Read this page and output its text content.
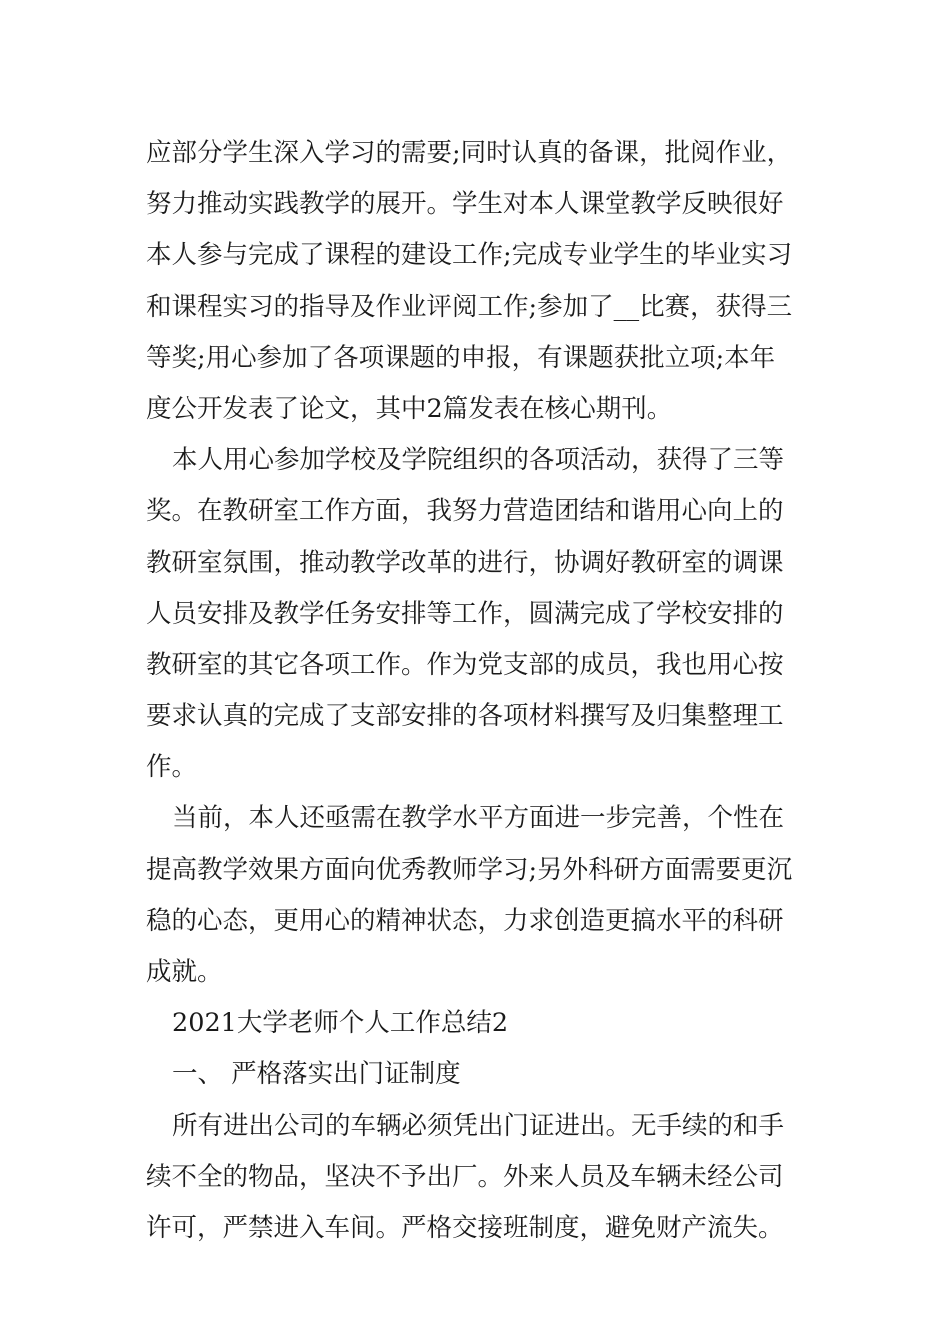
应部分学生深入学习的需要;同时认真的备课，批阅作业，
努力推动实践教学的展开。学生对本人课堂教学反映很好
本人参与完成了课程的建设工作;完成专业学生的毕业实习
和课程实习的指导及作业评阅工作;参加了__比赛，获得三
等奖;用心参加了各项课题的申报，有课题获批立项;本年
度公开发表了论文，其中2篇发表在核心期刊。
本人用心参加学校及学院组织的各项活动，获得了三等
奖。在教研室工作方面，我努力营造团结和谐用心向上的
教研室氛围，推动教学改革的进行，协调好教研室的调课
人员安排及教学任务安排等工作，圆满完成了学校安排的
教研室的其它各项工作。作为党支部的成员，我也用心按
要求认真的完成了支部安排的各项材料撰写及归集整理工
作。
当前，本人还亟需在教学水平方面进一步完善，个性在
提高教学效果方面向优秀教师学习;另外科研方面需要更沉
稳的心态，更用心的精神状态，力求创造更搞水平的科研
成就。
2021大学老师个人工作总结2
一、 严格落实出门证制度
所有进出公司的车辆必须凭出门证进出。无手续的和手
续不全的物品，坚决不予出厂。外来人员及车辆未经公司
许可，严禁进入车间。严格交接班制度，避免财产流失。
